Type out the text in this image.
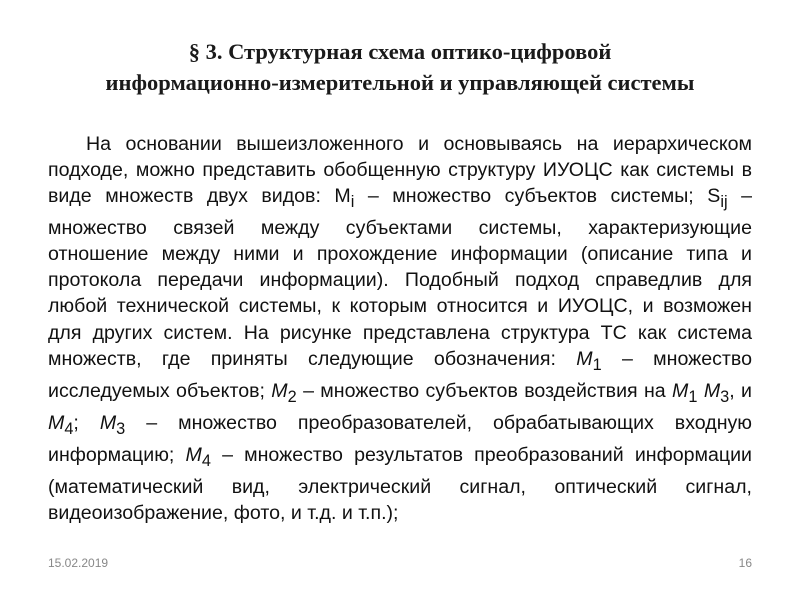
§ 3. Структурная схема оптико-цифровой
информационно-измерительной и управляющей системы

На основании вышеизложенного и основываясь на иерархическом подходе, можно представить обобщенную структуру ИУОЦС как системы в виде множеств двух видов: $M_i$ – множество субъектов системы; $S_{ij}$ – множество связей между субъектами системы, характеризующие отношение между ними и прохождение информации (описание типа и протокола передачи информации). Подобный подход справедлив для любой технической системы, к которым относится и ИУОЦС, и возможен для других систем. На рисунке представлена структура ТС как система множеств, где приняты следующие обозначения: $M_1$ – множество исследуемых объектов; $M_2$ – множество субъектов воздействия на $M_1$ $M_3$, и $M_4$; $M_3$ – множество преобразователей, обрабатывающих входную информацию; $M_4$ – множество результатов преобразований информации (математический вид, электрический сигнал, оптический сигнал, видеоизображение, фото, и т.д. и т.п.);

15.02.2019	16
